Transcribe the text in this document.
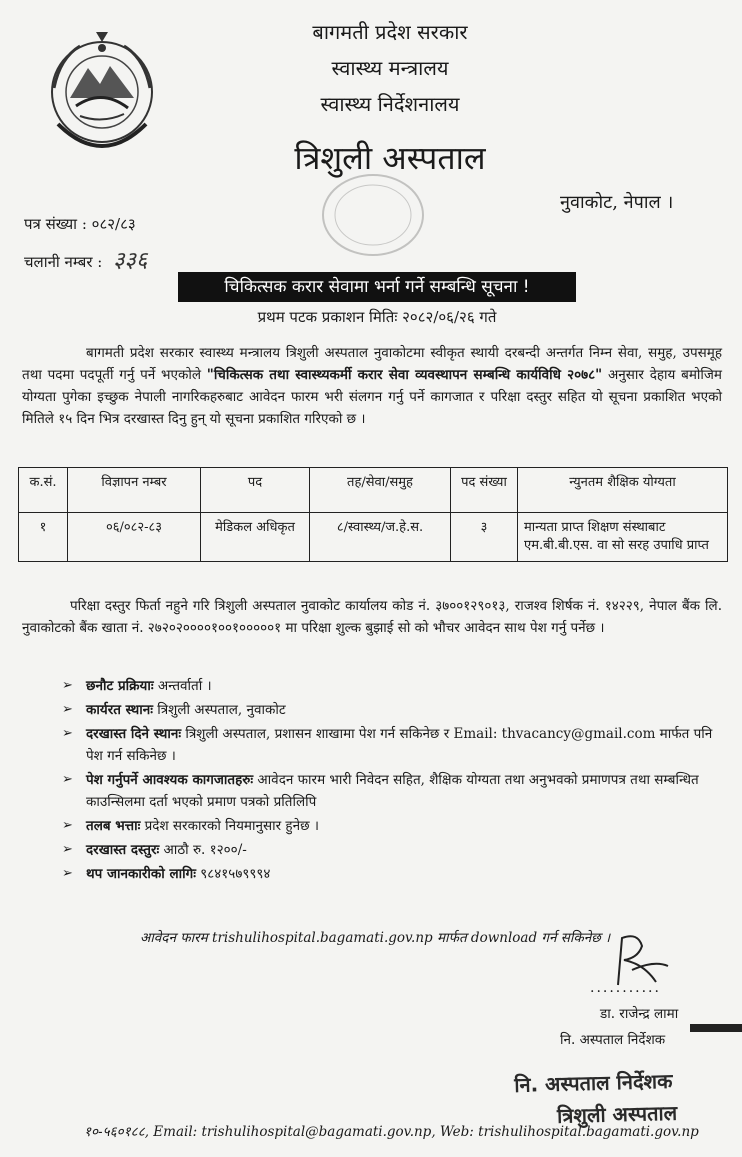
बागमती प्रदेश सरकार
स्वास्थ्य मन्त्रालय
स्वास्थ्य निर्देशनालय
त्रिशुली अस्पताल
नुवाकोट, नेपाल ।
पत्र संख्या : ०८२/८३
चलानी नम्बर : ३३६
चिकित्सक करार सेवामा भर्ना गर्ने सम्बन्धि सूचना !
प्रथम पटक प्रकाशन मितिः २०८२/०६/२६ गते
बागमती प्रदेश सरकार स्वास्थ्य मन्त्रालय त्रिशुली अस्पताल नुवाकोटमा स्वीकृत स्थायी दरबन्दी अन्तर्गत निम्न सेवा, समुह, उपसमूह तथा पदमा पदपूर्ती गर्नु पर्ने भएकोले "चिकित्सक तथा स्वास्थ्यकर्मी करार सेवा व्यवस्थापन सम्बन्धि कार्यविधि २०७८" अनुसार देहाय बमोजिम योग्यता पुगेका इच्छुक नेपाली नागरिकहरुबाट आवेदन फारम भरी संलगन गर्नु पर्ने कागजात र परिक्षा दस्तुर सहित यो सूचना प्रकाशित भएको मितिले १५ दिन भित्र दरखास्त दिनु हुन् यो सूचना प्रकाशित गरिएको छ ।
क.सं.	विज्ञापन नम्बर	पद	तह/सेवा/समुह	पद संख्या	न्युनतम शैक्षिक योग्यता
१	०६/०८२-८३	मेडिकल अधिकृत	८/स्वास्थ्य/ज.हे.स.	३	मान्यता प्राप्त शिक्षण संस्थाबाट एम.बी.बी.एस. वा सो सरह उपाधि प्राप्त
परिक्षा दस्तुर फिर्ता नहुने गरि त्रिशुली अस्पताल नुवाकोट कार्यालय कोड नं. ३७००१२९०१३, राजश्व शिर्षक नं. १४२२९, नेपाल बैंक लि. नुवाकोटको बैंक खाता नं. २७२०२००००१००१०००००१ मा परिक्षा शुल्क बुझाई सो को भौचर आवेदन साथ पेश गर्नु पर्नेछ ।
➢ छनौट प्रक्रियाः अन्तर्वार्ता ।
➢ कार्यरत स्थानः त्रिशुली अस्पताल, नुवाकोट
➢ दरखास्त दिने स्थानः त्रिशुली अस्पताल, प्रशासन शाखामा पेश गर्न सकिनेछ र Email: thvacancy@gmail.com मार्फत पनि पेश गर्न सकिनेछ ।
➢ पेश गर्नुपर्ने आवश्यक कागजातहरुः आवेदन फारम भारी निवेदन सहित, शैक्षिक योग्यता तथा अनुभवको प्रमाणपत्र तथा सम्बन्धित काउन्सिलमा दर्ता भएको प्रमाण पत्रको प्रतिलिपि
➢ तलब भत्ताः प्रदेश सरकारको नियमानुसार हुनेछ ।
➢ दरखास्त दस्तुरः आठौ रु. १२००/-
➢ थप जानकारीको लागिः ९८४१५७९९९४
आवेदन फारम trishulihospital.bagamati.gov.np मार्फत download गर्न सकिनेछ ।
...........
डा. राजेन्द्र लामा
नि. अस्पताल निर्देशक
नि. अस्पताल निर्देशक
त्रिशुली अस्पताल
१०-५६०१८८, Email: trishulihospital@bagamati.gov.np, Web: trishulihospital.bagamati.gov.np
